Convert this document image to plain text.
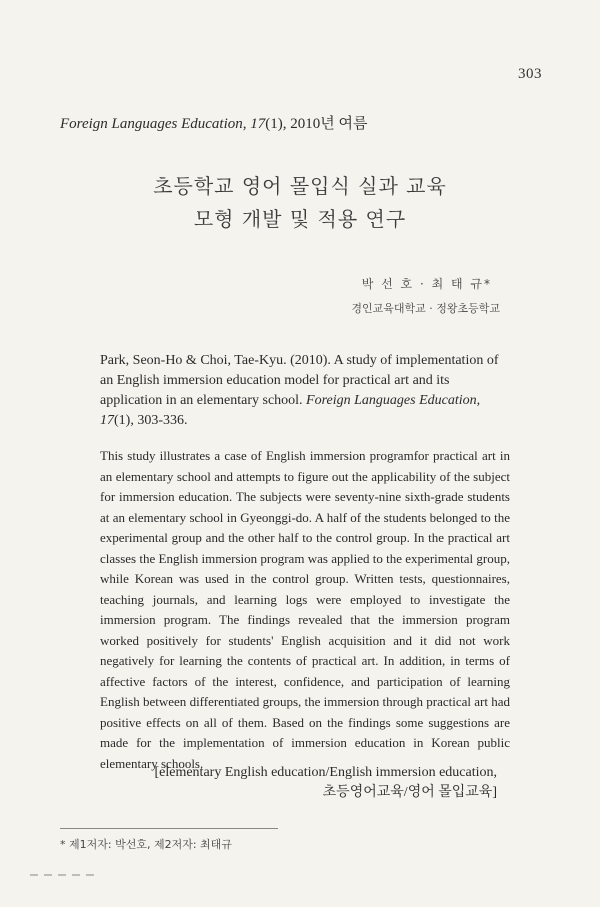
303
Foreign Languages Education, 17(1), 2010년 여름
초등학교 영어 몰입식 실과 교육
모형 개발 및 적용 연구
박 선 호 · 최 태 규*
경인교육대학교 · 정왕초등학교
Park, Seon-Ho & Choi, Tae-Kyu. (2010). A study of implementation of an English immersion education model for practical art and its application in an elementary school. Foreign Languages Education, 17(1), 303-336.
This study illustrates a case of English immersion programfor practical art in an elementary school and attempts to figure out the applicability of the subject for immersion education. The subjects were seventy-nine sixth-grade students at an elementary school in Gyeonggi-do. A half of the students belonged to the experimental group and the other half to the control group. In the practical art classes the English immersion program was applied to the experimental group, while Korean was used in the control group. Written tests, questionnaires, teaching journals, and learning logs were employed to investigate the immersion program. The findings revealed that the immersion program worked positively for students' English acquisition and it did not work negatively for learning the contents of practical art. In addition, in terms of affective factors of the interest, confidence, and participation of learning English between differentiated groups, the immersion through practical art had positive effects on all of them. Based on the findings some suggestions are made for the implementation of immersion education in Korean public elementary schools.
[elementary English education/English immersion education,
초등영어교육/영어 몰입교육]
* 제1저자: 박선호, 제2저자: 최태규
